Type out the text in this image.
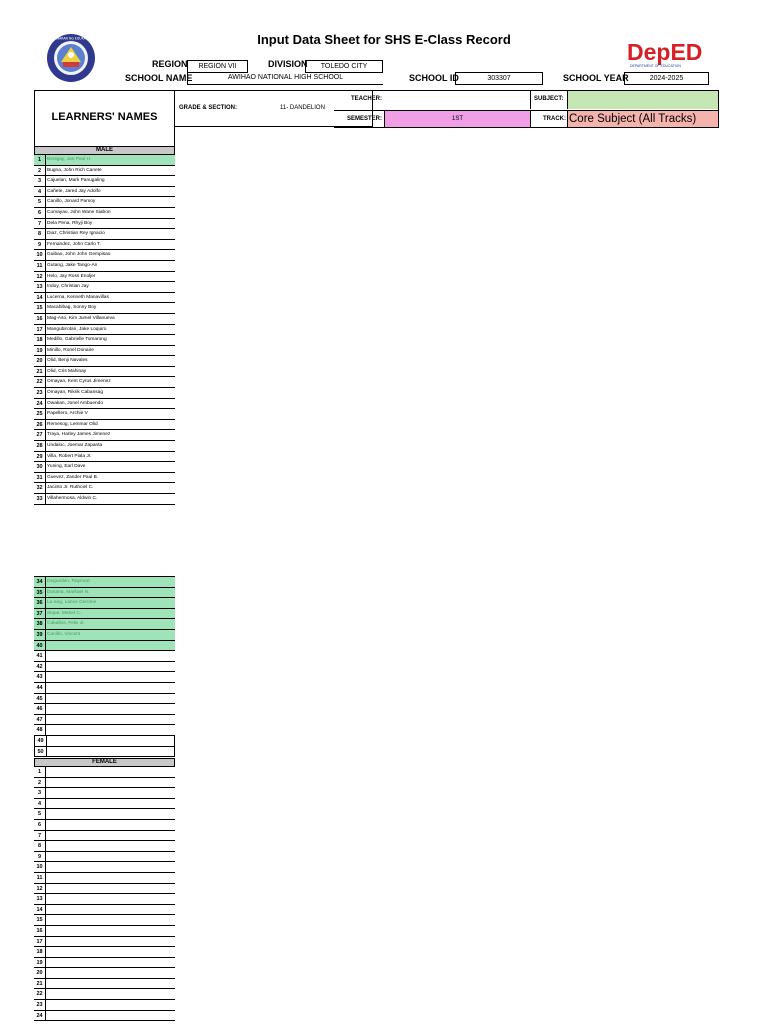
Input Data Sheet for SHS E-Class Record
KAGAWARAN NG EDUKASYON
DepED
DEPARTMENT OF EDUCATION
REGION	REGION VII	DIVISION	TOLEDO CITY
SCHOOL NAME	AWIHAO NATIONAL HIGH SCHOOL	SCHOOL ID	303307	SCHOOL YEAR	2024-2025
LEARNERS' NAMES
GRADE & SECTION:	11- DANDELION
TEACHER:	SUBJECT:
SEMESTER:	1ST	TRACK: Core Subject (All Tracks)
MALE
1	Benigay, Jan Paul H.
2	Bugna, John Rich Canete
3	Cajuelan, Mark Panugaling
4	Cañete, Jared Jay Adolfo
5	Canillo, Jonard Pamoy
6	Cumayao, John Wane Siabon
7	Dela Pena, Rhyji Boy
8	Diaz, Christian Rey Ignacio
9	Fernandez, John Carlo T.
10 Guibao, John John Gempisao
11 Gutang, Jake Tango-An
12 Helo, Jay Ross Enoljer
13 Indoy, Christian Jay
14 Lucerna, Kenneth Manavillas
15 Macahibag, Sonny Boy
16 Mag-Aso, Kim Jumel Villanueva
17 Mangubirotan, Jake Loquiro
18 Medillo, Gabrielle Tomarong
19 Minillo, Ronel Donaire
20 Olid, Benji Navales
21 Olid, Cris Mahinay
22 Omayan, Kent Cyrus Jimenez
23 Omayan, Rikrik Cabansag
24 Owakan, Jonel Ambuendo
25 Papellero, Archie V
26 Remesog, Lemmar Olid
27 Traya, Harley James Jimenez
28 Undaloc, Joemar Zapanta
29 Villa, Robert Piala Jr.
30 Yuning, Earl Dave
31 Guevez, Zander Paul B.
32 Jacinto Jr. Ruthciel C.
33 Villahermosa, Aldwin C.
34 Degumbin, Raymart
35 Dosana, Markael N.
36 Lu-ang, Lance Gerome
37 Sique, Mariel C.
38 Caballos, Felix Jr.
39 Canillo, Vincent
40
41
42
43
44
45
46
47
48
49
50
FEMALE
1
2
3
4
5
6
7
8
9
10
11
12
13
14
15
16
17
18
19
20
21
22
23
24
